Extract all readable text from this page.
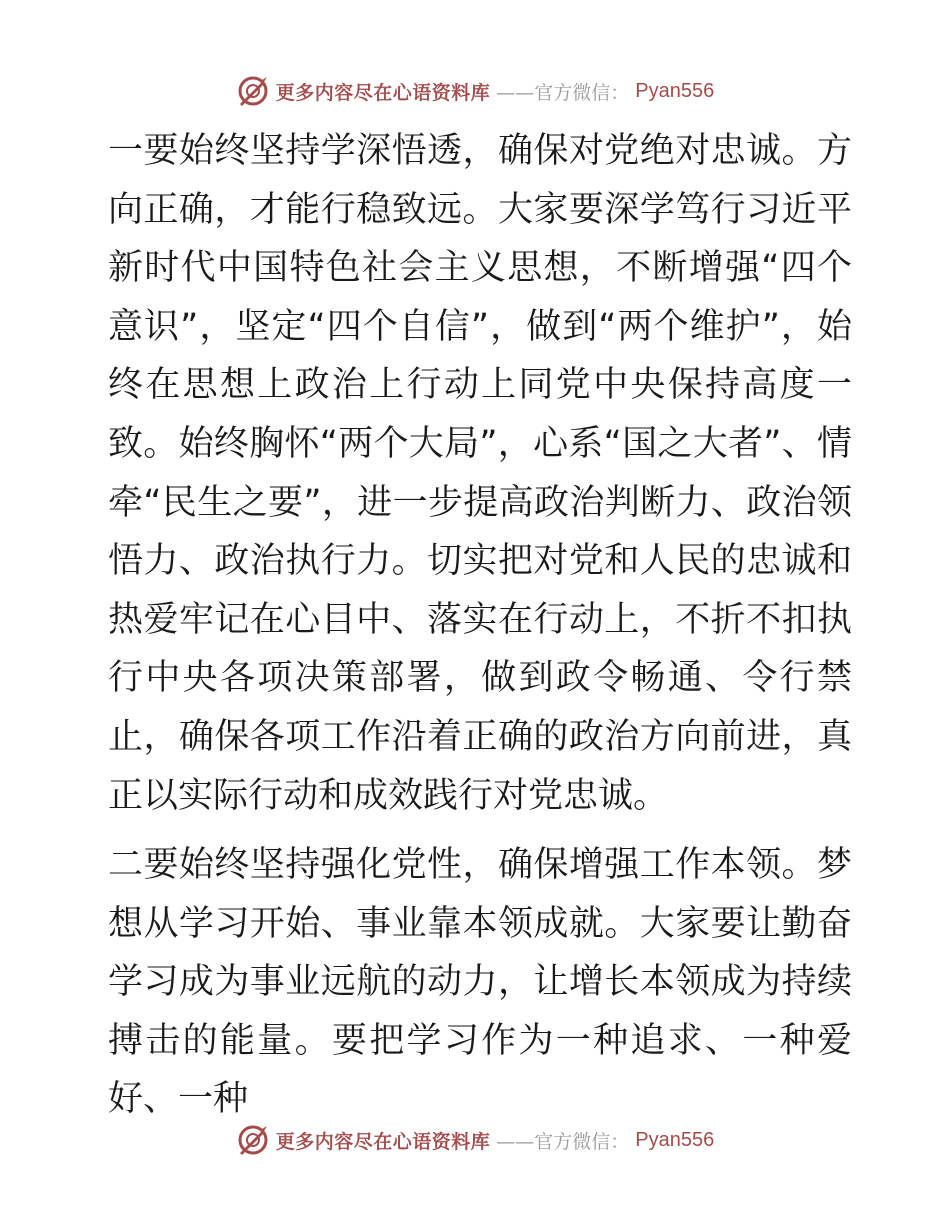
更多内容尽在心语资料库 ——官方微信： Pyan556

一要始终坚持学深悟透，确保对党绝对忠诚。方向正确，才能行稳致远。大家要深学笃行习近平新时代中国特色社会主义思想，不断增强“四个意识”，坚定“四个自信”，做到“两个维护”，始终在思想上政治上行动上同党中央保持高度一致。始终胸怀“两个大局”，心系“国之大者”、情牵“民生之要”，进一步提高政治判断力、政治领悟力、政治执行力。切实把对党和人民的忠诚和热爱牢记在心目中、落实在行动上，不折不扣执行中央各项决策部署，做到政令畅通、令行禁止，确保各项工作沿着正确的政治方向前进，真正以实际行动和成效践行对党忠诚。

二要始终坚持强化党性，确保增强工作本领。梦想从学习开始、事业靠本领成就。大家要让勤奋学习成为事业远航的动力，让增长本领成为持续搏击的能量。要把学习作为一种追求、一种爱好、一种

更多内容尽在心语资料库 ——官方微信： Pyan556
